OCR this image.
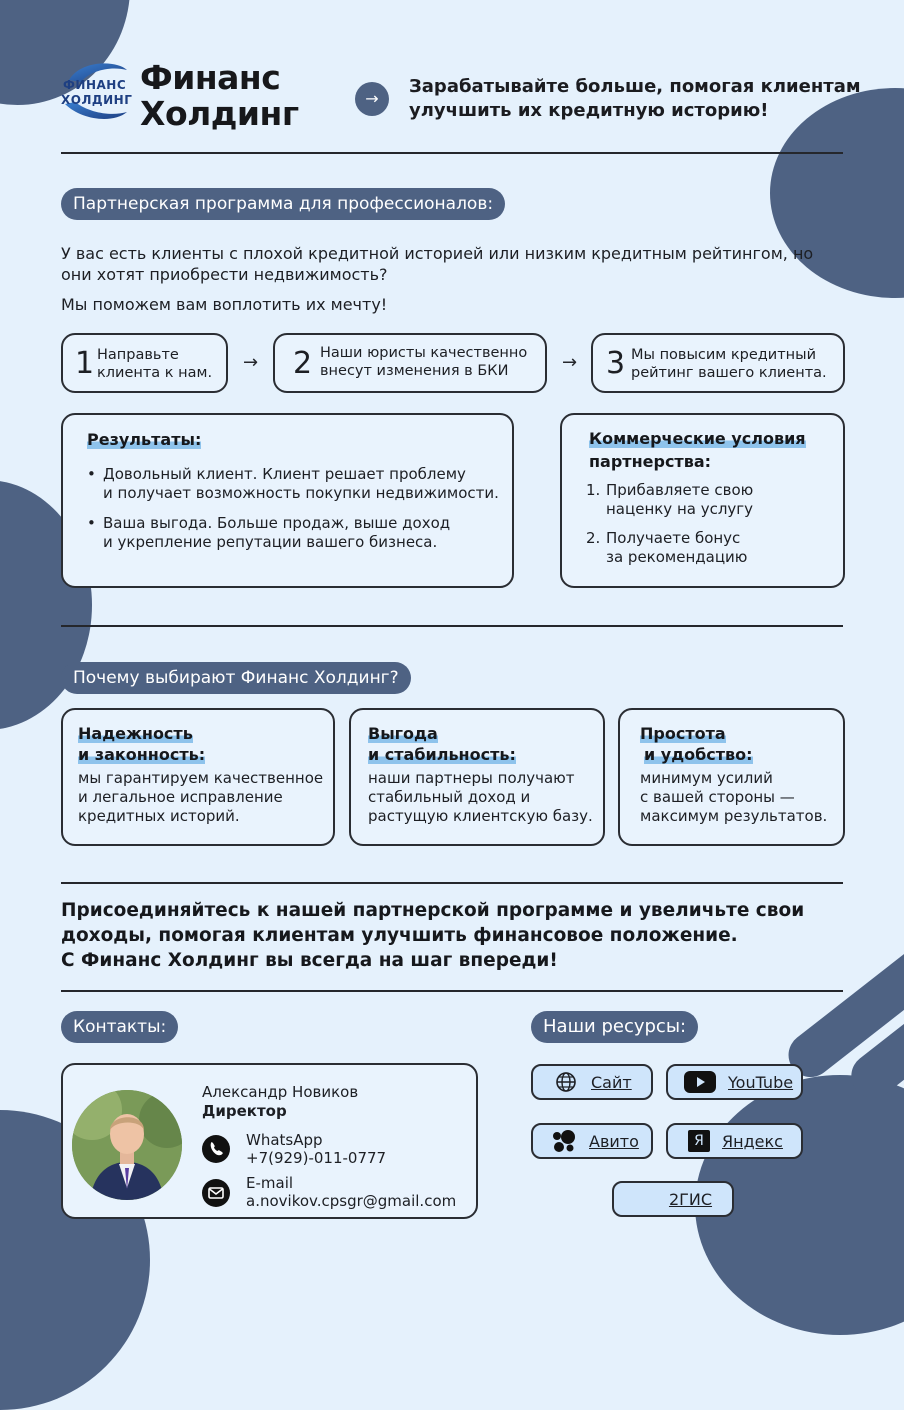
ФИНАНС
ХОЛДИНГ
Финанс
Холдинг	→
Зарабатывайте больше, помогая клиентам
улучшить их кредитную историю!
Партнерская программа для профессионалов:
У вас есть клиенты с плохой кредитной историей или низким кредитным рейтингом, но
они хотят приобрести недвижимость?
Мы поможем вам воплотить их мечту!
1 Направьте
клиента к нам. → 2 Наши юристы качественно
внесут изменения в БКИ	→ 3 Мы повысим кредитный
рейтинг вашего клиента.
Результаты:
• Довольный клиент. Клиент решает проблему
и получает возможность покупки недвижимости.
• Ваша выгода. Больше продаж, выше доход
и укрепление репутации вашего бизнеса.
Коммерческие условия
партнерства:
1. Прибавляете свою
наценку на услугу
2. Получаете бонус
за рекомендацию
Почему выбирают Финанс Холдинг?
Надежность
и законность:
мы гарантируем качественное
и легальное исправление
кредитных историй.
Выгода
и стабильность:
наши партнеры получают
стабильный доход и
растущую клиентскую базу.
Простота
и удобство:
минимум усилий
с вашей стороны —
максимум результатов.
Присоединяйтесь к нашей партнерской программе и увеличьте свои
доходы, помогая клиентам улучшить финансовое положение.
С Финанс Холдинг вы всегда на шаг впереди!
Контакты:
Александр Новиков
Директор
WhatsApp
+7(929)-011-0777
E-mail
a.novikov.cpsgr@gmail.com
Наши ресурсы:
Сайт	YouTube
Авито	Я	Яндекс
2ГИС
